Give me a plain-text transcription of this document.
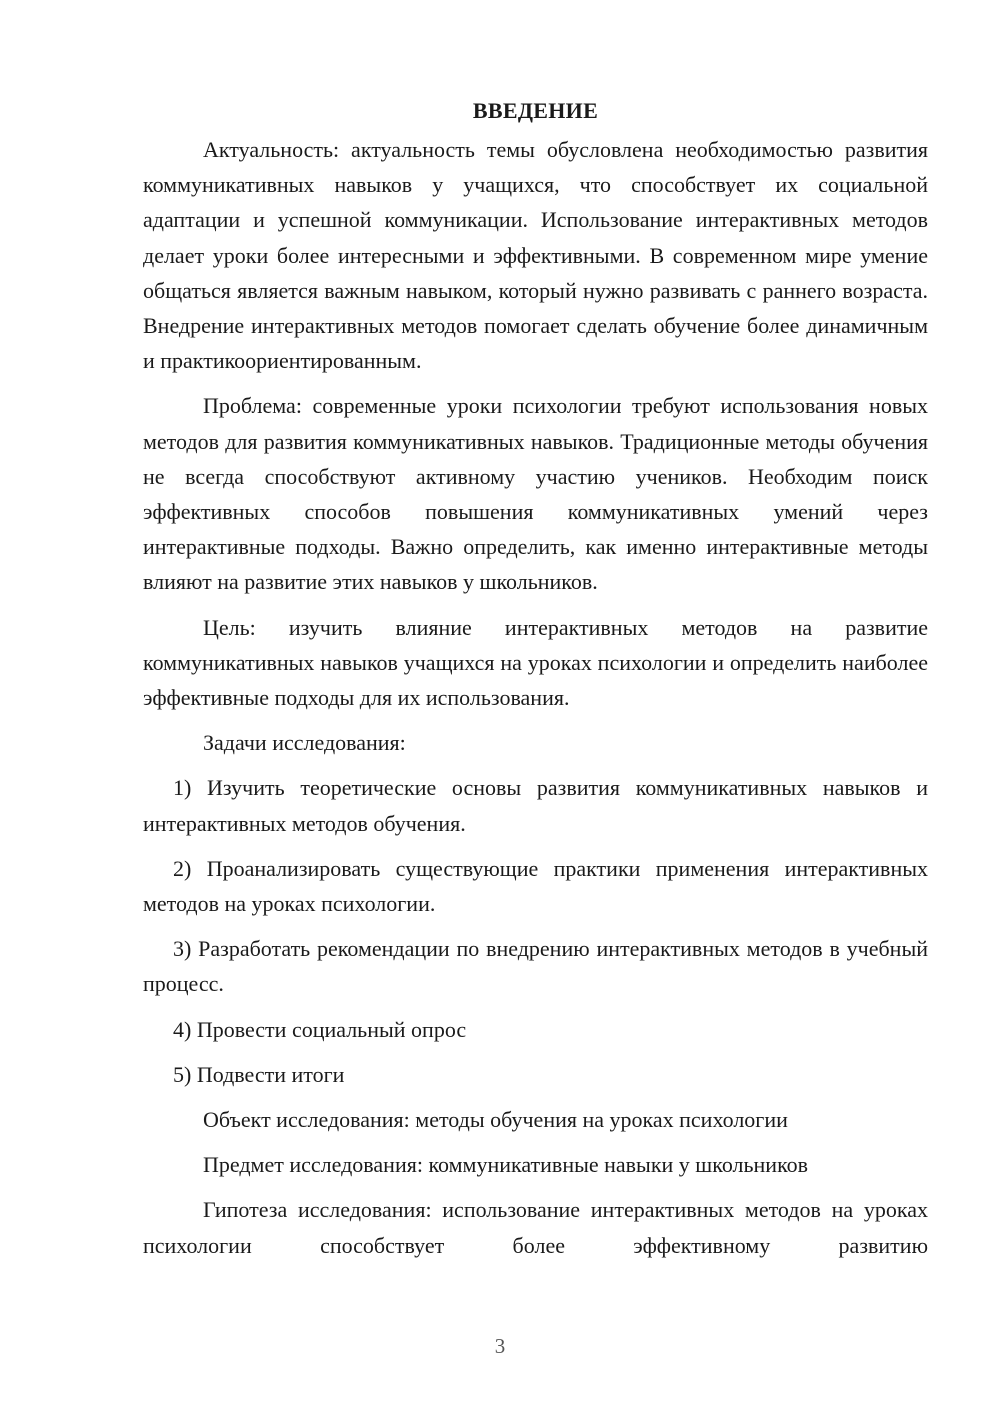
ВВЕДЕНИЕ

Актуальность: актуальность темы обусловлена необходимостью развития коммуникативных навыков у учащихся, что способствует их социальной адаптации и успешной коммуникации. Использование интерактивных методов делает уроки более интересными и эффективными. В современном мире умение общаться является важным навыком, который нужно развивать с раннего возраста. Внедрение интерактивных методов помогает сделать обучение более динамичным и практикоориентированным.

Проблема: современные уроки психологии требуют использования новых методов для развития коммуникативных навыков. Традиционные методы обучения не всегда способствуют активному участию учеников. Необходим поиск эффективных способов повышения коммуникативных умений через интерактивные подходы. Важно определить, как именно интерактивные методы влияют на развитие этих навыков у школьников.

Цель: изучить влияние интерактивных методов на развитие коммуникативных навыков учащихся на уроках психологии и определить наиболее эффективные подходы для их использования.

Задачи исследования:

1) Изучить теоретические основы развития коммуникативных навыков и интерактивных методов обучения.

2) Проанализировать существующие практики применения интерактивных методов на уроках психологии.

3) Разработать рекомендации по внедрению интерактивных методов в учебный процесс.

4) Провести социальный опрос

5) Подвести итоги

Объект исследования: методы обучения на уроках психологии

Предмет исследования: коммуникативные навыки у школьников

Гипотеза исследования: использование интерактивных методов на уроках психологии способствует более эффективному развитию

3
